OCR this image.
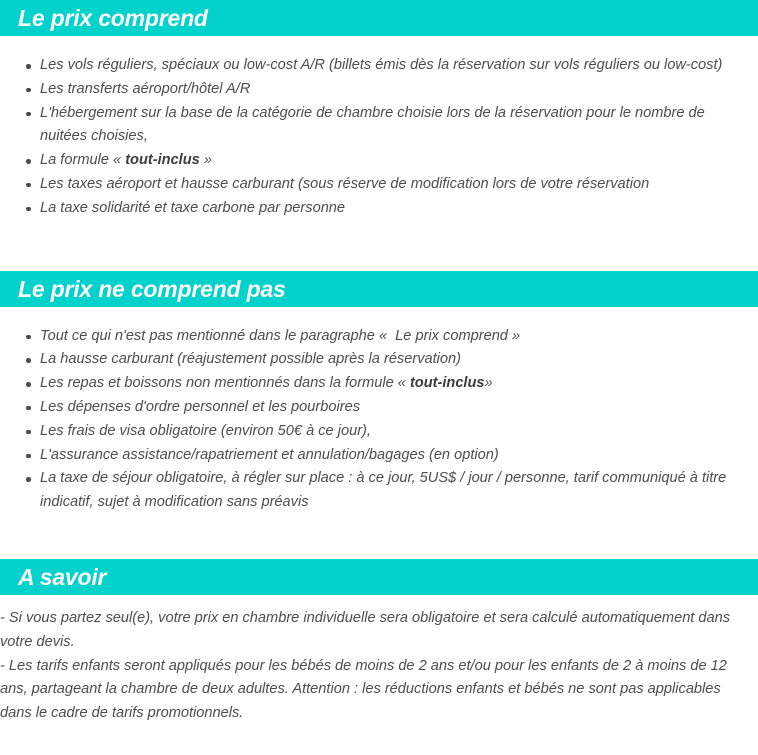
Le prix comprend
Les vols réguliers, spéciaux ou low-cost A/R (billets émis dès la réservation sur vols réguliers ou low-cost)
Les transferts aéroport/hôtel A/R
L'hébergement sur la base de la catégorie de chambre choisie lors de la réservation pour le nombre de nuitées choisies,
La formule « tout-inclus »
Les taxes aéroport et hausse carburant (sous réserve de modification lors de votre réservation
La taxe solidarité et taxe carbone par personne
Le prix ne comprend pas
Tout ce qui n'est pas mentionné dans le paragraphe «  Le prix comprend »
La hausse carburant (réajustement possible après la réservation)
Les repas et boissons non mentionnés dans la formule « tout-inclus»
Les dépenses d'ordre personnel et les pourboires
Les frais de visa obligatoire (environ 50€ à ce jour),
L'assurance assistance/rapatriement et annulation/bagages (en option)
La taxe de séjour obligatoire, à régler sur place : à ce jour, 5US$ / jour / personne, tarif communiqué à titre indicatif, sujet à modification sans préavis
A savoir

- Si vous partez seul(e), votre prix en chambre individuelle sera obligatoire et sera calculé automatiquement dans votre devis.

- Les tarifs enfants seront appliqués pour les bébés de moins de 2 ans et/ou pour les enfants de 2 à moins de 12 ans, partageant la chambre de deux adultes. Attention : les réductions enfants et bébés ne sont pas applicables dans le cadre de tarifs promotionnels.
